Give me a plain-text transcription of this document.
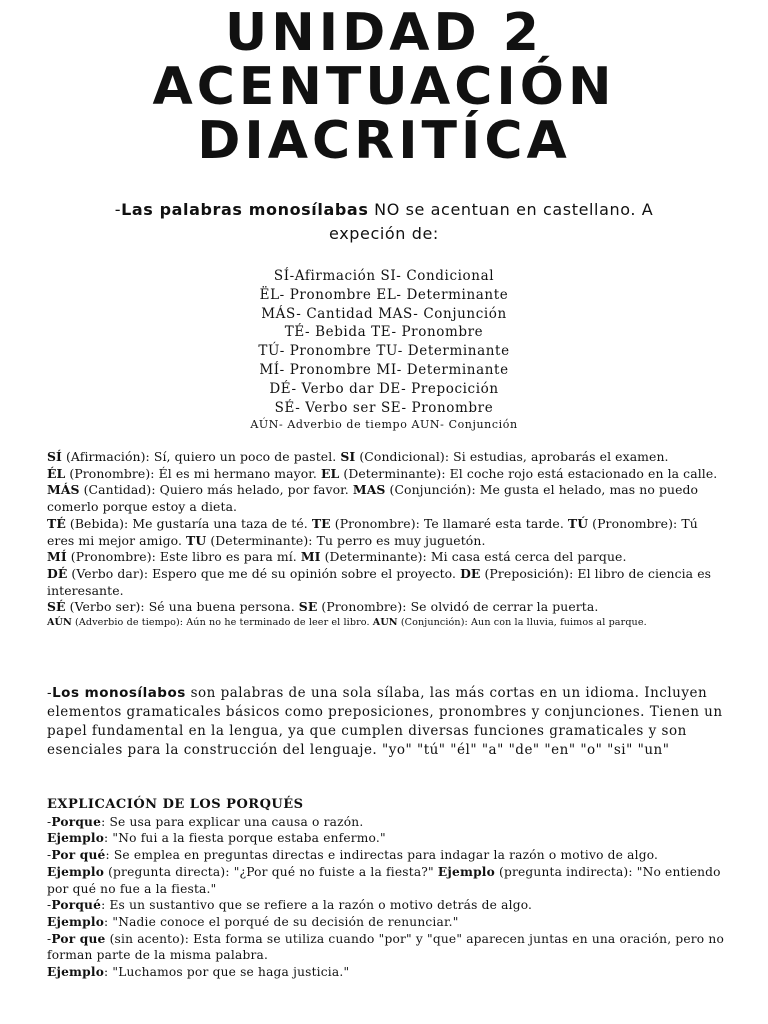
UNIDAD 2
ACENTUACIÓN
DIACRITÍCA
-Las palabras monosílabas NO se acentuan en castellano. A
expeción de:
SÍ-Afirmación SI- Condicional
ËL- Pronombre EL- Determinante
MÁS- Cantidad MAS- Conjunción
TÉ- Bebida TE- Pronombre
TÚ- Pronombre TU- Determinante
MÍ- Pronombre MI- Determinante
DÉ- Verbo dar DE- Prepocición
SÉ- Verbo ser SE- Pronombre
AÚN- Adverbio de tiempo AUN- Conjunción

SÍ (Afirmación): Sí, quiero un poco de pastel. SI (Condicional): Si estudias, aprobarás el examen.

ÉL (Pronombre): Él es mi hermano mayor. EL (Determinante): El coche rojo está estacionado en la calle.

MÁS (Cantidad): Quiero más helado, por favor. MAS (Conjunción): Me gusta el helado, mas no puedo comerlo porque estoy a dieta.

TÉ (Bebida): Me gustaría una taza de té. TE (Pronombre): Te llamaré esta tarde. TÚ (Pronombre): Tú eres mi mejor amigo. TU (Determinante): Tu perro es muy juguetón.

MÍ (Pronombre): Este libro es para mí. MI (Determinante): Mi casa está cerca del parque.

DÉ (Verbo dar): Espero que me dé su opinión sobre el proyecto. DE (Preposición): El libro de ciencia es interesante.

SÉ (Verbo ser): Sé una buena persona. SE (Pronombre): Se olvidó de cerrar la puerta.

AÚN (Adverbio de tiempo): Aún no he terminado de leer el libro. AUN (Conjunción): Aun con la lluvia, fuimos al parque.

-Los monosílabos son palabras de una sola sílaba, las más cortas en un idioma. Incluyen elementos gramaticales básicos como preposiciones, pronombres y conjunciones. Tienen un papel fundamental en la lengua, ya que cumplen diversas funciones gramaticales y son esenciales para la construcción del lenguaje. "yo" "tú" "él" "a" "de" "en" "o" "si" "un"

EXPLICACIÓN DE LOS PORQUÉS

-Porque: Se usa para explicar una causa o razón.

Ejemplo: "No fui a la fiesta porque estaba enfermo."

-Por qué: Se emplea en preguntas directas e indirectas para indagar la razón o motivo de algo.

Ejemplo (pregunta directa): "¿Por qué no fuiste a la fiesta?" Ejemplo (pregunta indirecta): "No entiendo por qué no fue a la fiesta."

-Porqué: Es un sustantivo que se refiere a la razón o motivo detrás de algo.

Ejemplo: "Nadie conoce el porqué de su decisión de renunciar."

-Por que (sin acento): Esta forma se utiliza cuando "por" y "que" aparecen juntas en una oración, pero no forman parte de la misma palabra.

Ejemplo: "Luchamos por que se haga justicia."
